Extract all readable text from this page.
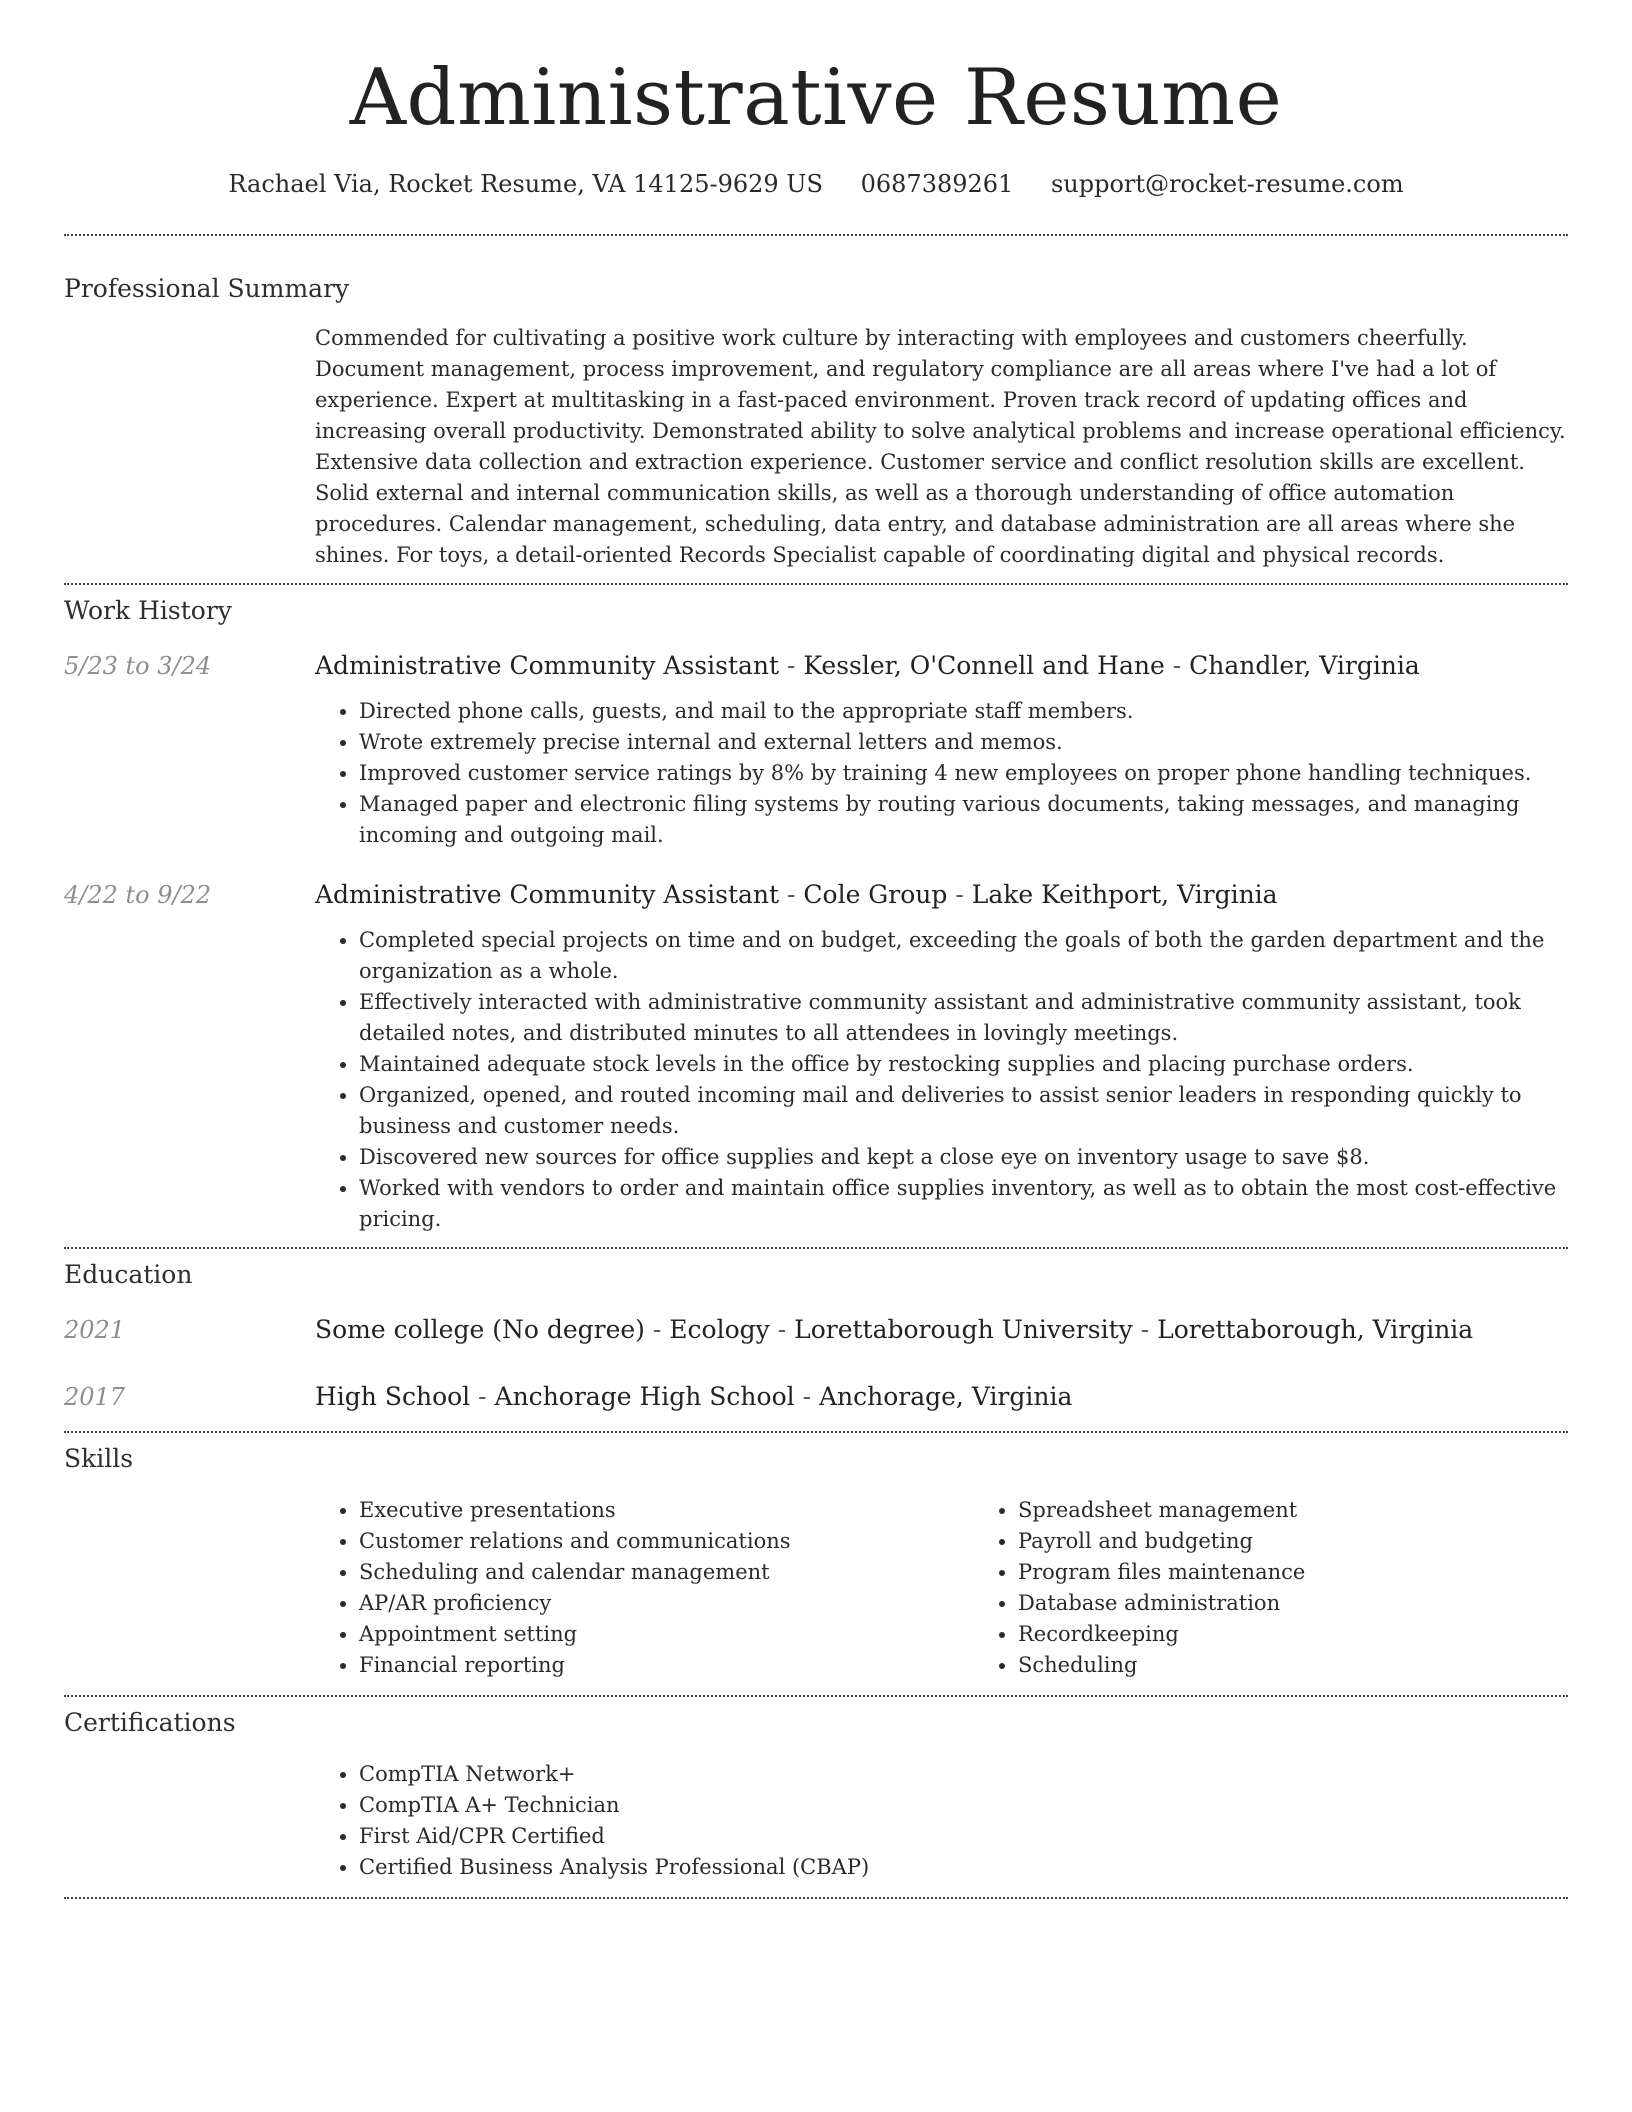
Administrative Resume
Rachael Via, Rocket Resume, VA 14125-9629 US 0687389261 support@rocket-resume.com
Professional Summary

Commended for cultivating a positive work culture by interacting with employees and customers cheerfully. Document management, process improvement, and regulatory compliance are all areas where I've had a lot of experience. Expert at multitasking in a fast-paced environment. Proven track record of updating offices and increasing overall productivity. Demonstrated ability to solve analytical problems and increase operational efficiency. Extensive data collection and extraction experience. Customer service and conflict resolution skills are excellent. Solid external and internal communication skills, as well as a thorough understanding of office automation procedures. Calendar management, scheduling, data entry, and database administration are all areas where she shines. For toys, a detail-oriented Records Specialist capable of coordinating digital and physical records.

Work History
5/23 to 3/24	Administrative Community Assistant - Kessler, O'Connell and Hane - Chandler, Virginia
• Directed phone calls, guests, and mail to the appropriate staff members.
• Wrote extremely precise internal and external letters and memos.
• Improved customer service ratings by 8% by training 4 new employees on proper phone handling techniques.
• Managed paper and electronic filing systems by routing various documents, taking messages, and managing incoming and outgoing mail.
4/22 to 9/22	Administrative Community Assistant - Cole Group - Lake Keithport, Virginia
• Completed special projects on time and on budget, exceeding the goals of both the garden department and the organization as a whole.
• Effectively interacted with administrative community assistant and administrative community assistant, took detailed notes, and distributed minutes to all attendees in lovingly meetings.
• Maintained adequate stock levels in the office by restocking supplies and placing purchase orders.
• Organized, opened, and routed incoming mail and deliveries to assist senior leaders in responding quickly to business and customer needs.
• Discovered new sources for office supplies and kept a close eye on inventory usage to save $8.
• Worked with vendors to order and maintain office supplies inventory, as well as to obtain the most cost-effective pricing.
Education
2021	Some college (No degree) - Ecology - Lorettaborough University - Lorettaborough, Virginia
2017	High School - Anchorage High School - Anchorage, Virginia
Skills
• Executive presentations
• Customer relations and communications
• Scheduling and calendar management
• AP/AR proficiency
• Appointment setting
• Financial reporting
• Spreadsheet management
• Payroll and budgeting
• Program files maintenance
• Database administration
• Recordkeeping
• Scheduling
Certifications
• CompTIA Network+
• CompTIA A+ Technician
• First Aid/CPR Certified
• Certified Business Analysis Professional (CBAP)
